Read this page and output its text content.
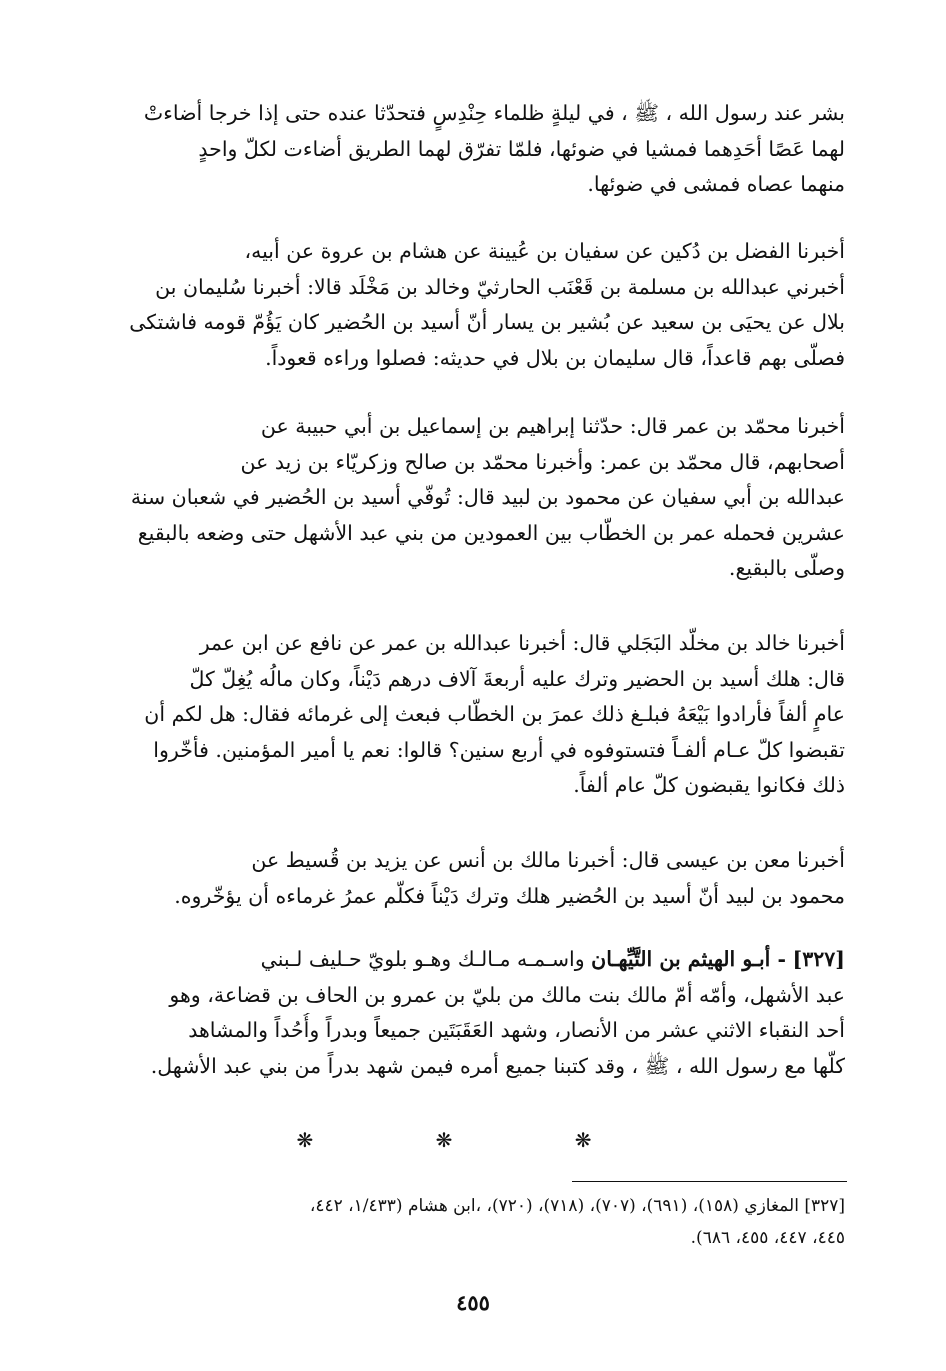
بشر عند رسول الله ، ﷺ ، في ليلةٍ ظلماء حِنْدِسٍ فتحدّثا عنده حتى إذا خرجا أضاءتْ
لهما عَصًا أحَدِهما فمشيا في ضوئها، فلمّا تفرّق لهما الطريق أضاءت لكلّ واحدٍ
منهما عصاه فمشى في ضوئها.
أخبرنا الفضل بن دُكين عن سفيان بن عُيينة عن هشام بن عروة عن أبيه،
أخبرني عبدالله بن مسلمة بن قَعْنَب الحارثيّ وخالد بن مَخْلَد قالا: أخبرنا سُليمان بن
بلال عن يحيَى بن سعيد عن بُشير بن يسار أنّ أسيد بن الحُضير كان يَؤُمّ قومه فاشتكى
فصلّى بهم قاعداً، قال سليمان بن بلال في حديثه: فصلوا وراءه قعوداً.
أخبرنا محمّد بن عمر قال: حدّثنا إبراهيم بن إسماعيل بن أبي حبيبة عن
أصحابهم، قال محمّد بن عمر: وأخبرنا محمّد بن صالح وزكريّاء بن زيد عن
عبدالله بن أبي سفيان عن محمود بن لبيد قال: تُوفّي أسيد بن الحُضير في شعبان سنة
عشرين فحمله عمر بن الخطّاب بين العمودين من بني عبد الأشهل حتى وضعه بالبقيع
وصلّى بالبقيع.
أخبرنا خالد بن مخلّد البَجَلي قال: أخبرنا عبدالله بن عمر عن نافع عن ابن عمر
قال: هلك أسيد بن الحضير وترك عليه أربعةَ آلاف درهم دَيْناً، وكان مالُه يُغِلّ كلّ
عامٍ ألفاً فأرادوا بَيْعَهُ فبلـغ ذلك عمرَ بن الخطّاب فبعث إلى غرمائه فقال: هل لكم أن
تقبضوا كلّ عـام ألفـاً فتستوفوه في أربع سنين؟ قالوا: نعم يا أمير المؤمنين. فأخّروا
ذلك فكانوا يقبضون كلّ عام ألفاً.
أخبرنا معن بن عيسى قال: أخبرنا مالك بن أنس عن يزيد بن قُسيط عن
محمود بن لبيد أنّ أسيد بن الحُضير هلك وترك دَيْناً فكلّم عمرُ غرماءه أن يؤخّروه.
[٣٢٧] - أبـو الهيثم بن التَّيِّهـان واسـمـه مـالـك وهـو بلويّ حـليف لـبني
عبد الأشهل، وأمّه أمّ مالك بنت مالك من بليّ بن عمرو بن الحاف بن قضاعة، وهو
أحد النقباء الاثني عشر من الأنصار، وشهد العَقَبَتَين جميعاً وبدراً وأُحُداً والمشاهد
كلّها مع رسول الله ، ﷺ ، وقد كتبنا جميع أمره فيمن شهد بدراً من بني عبد الأشهل.
❋ ❋ ❋
[٣٢٧] المغازي (١٥٨)، (٦٩١)، (٧٠٧)، (٧١٨)، (٧٢٠)، ،ابن هشام (١/٤٣٣، ٤٤٢،
٤٤٥، ٤٤٧، ٤٥٥، ٦٨٦).
٤٥٥
